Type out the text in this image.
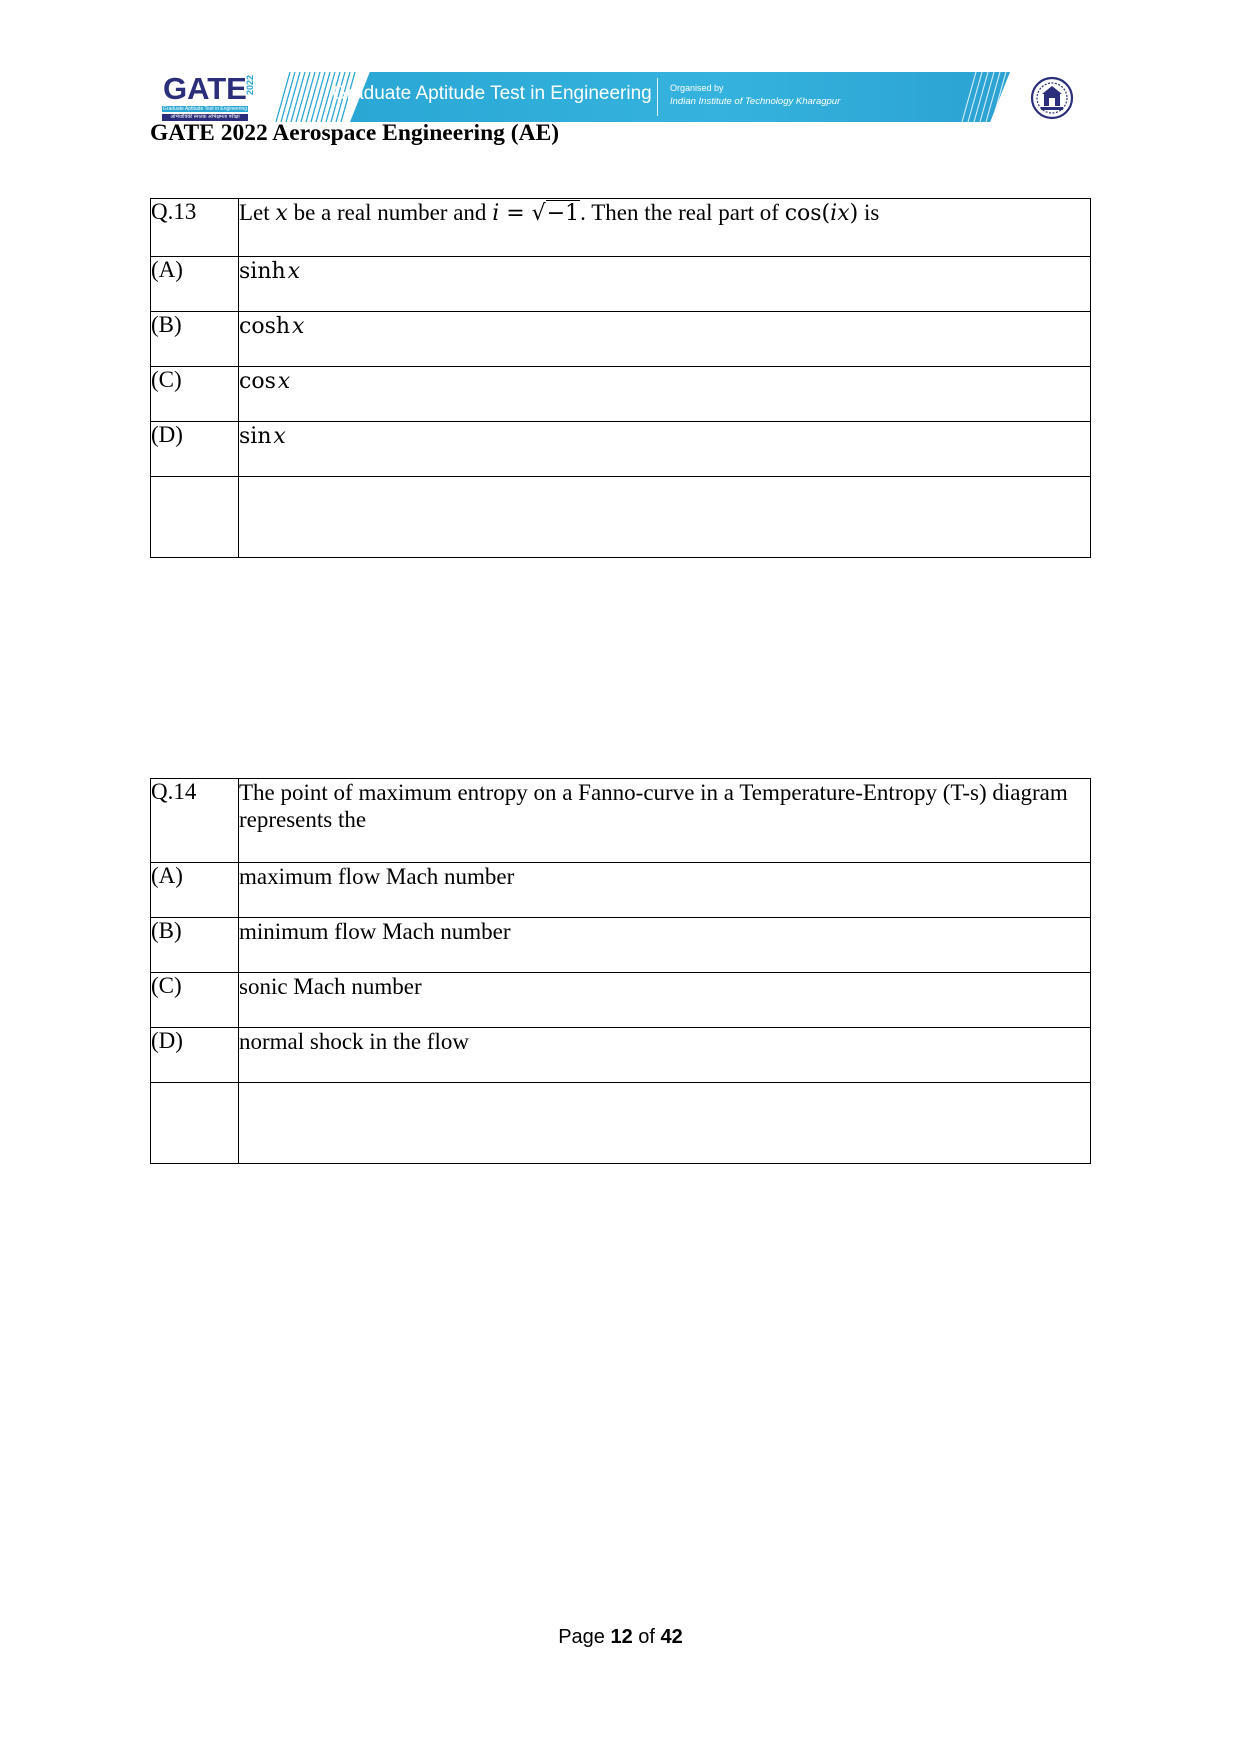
GATE
2022
Graduate Aptitude Test in Engineering
अभियांत्रिकी स्नातक अभिक्षमता परीक्षा
Graduate Aptitude Test in Engineering Organised by
Indian Institute of Technology Kharagpur
GATE 2022 Aerospace Engineering (AE)
Q.13	Let x be a real number and i = √−1. Then the real part of cos(ix) is
(A)	sinh x
(B)	cosh x
(C)	cos x
(D)	sin x

Q.14	The point of maximum entropy on a Fanno-curve in a Temperature-Entropy (T-s) diagram represents the
(A)	maximum flow Mach number
(B)	minimum flow Mach number
(C)	sonic Mach number
(D)	normal shock in the flow

Page 12 of 42
